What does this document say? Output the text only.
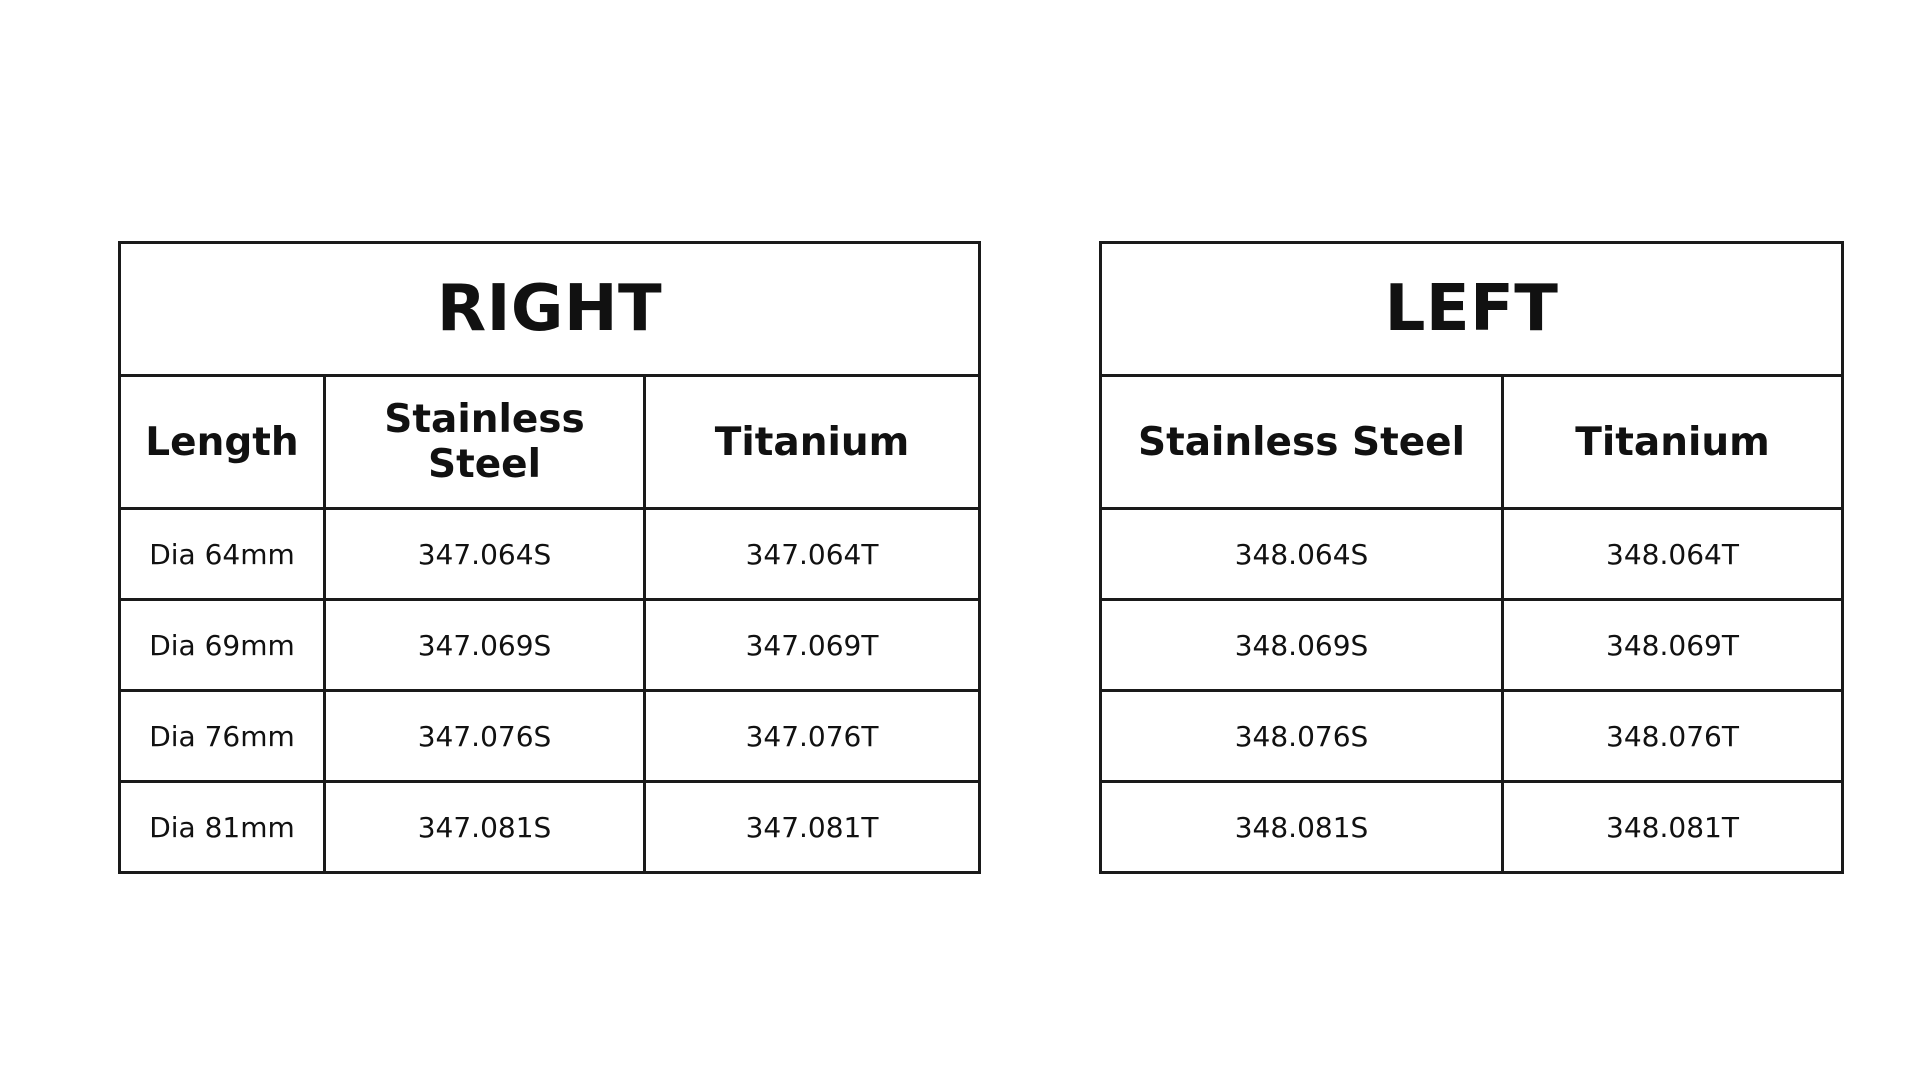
RIGHT		
Length	Stainless Steel	Titanium
Dia 64mm	347.064S	347.064T
Dia 69mm	347.069S	347.069T
Dia 76mm	347.076S	347.076T
Dia 81mm	347.081S	347.081T
LEFT	
Stainless Steel	Titanium
348.064S	348.064T
348.069S	348.069T
348.076S	348.076T
348.081S	348.081T
